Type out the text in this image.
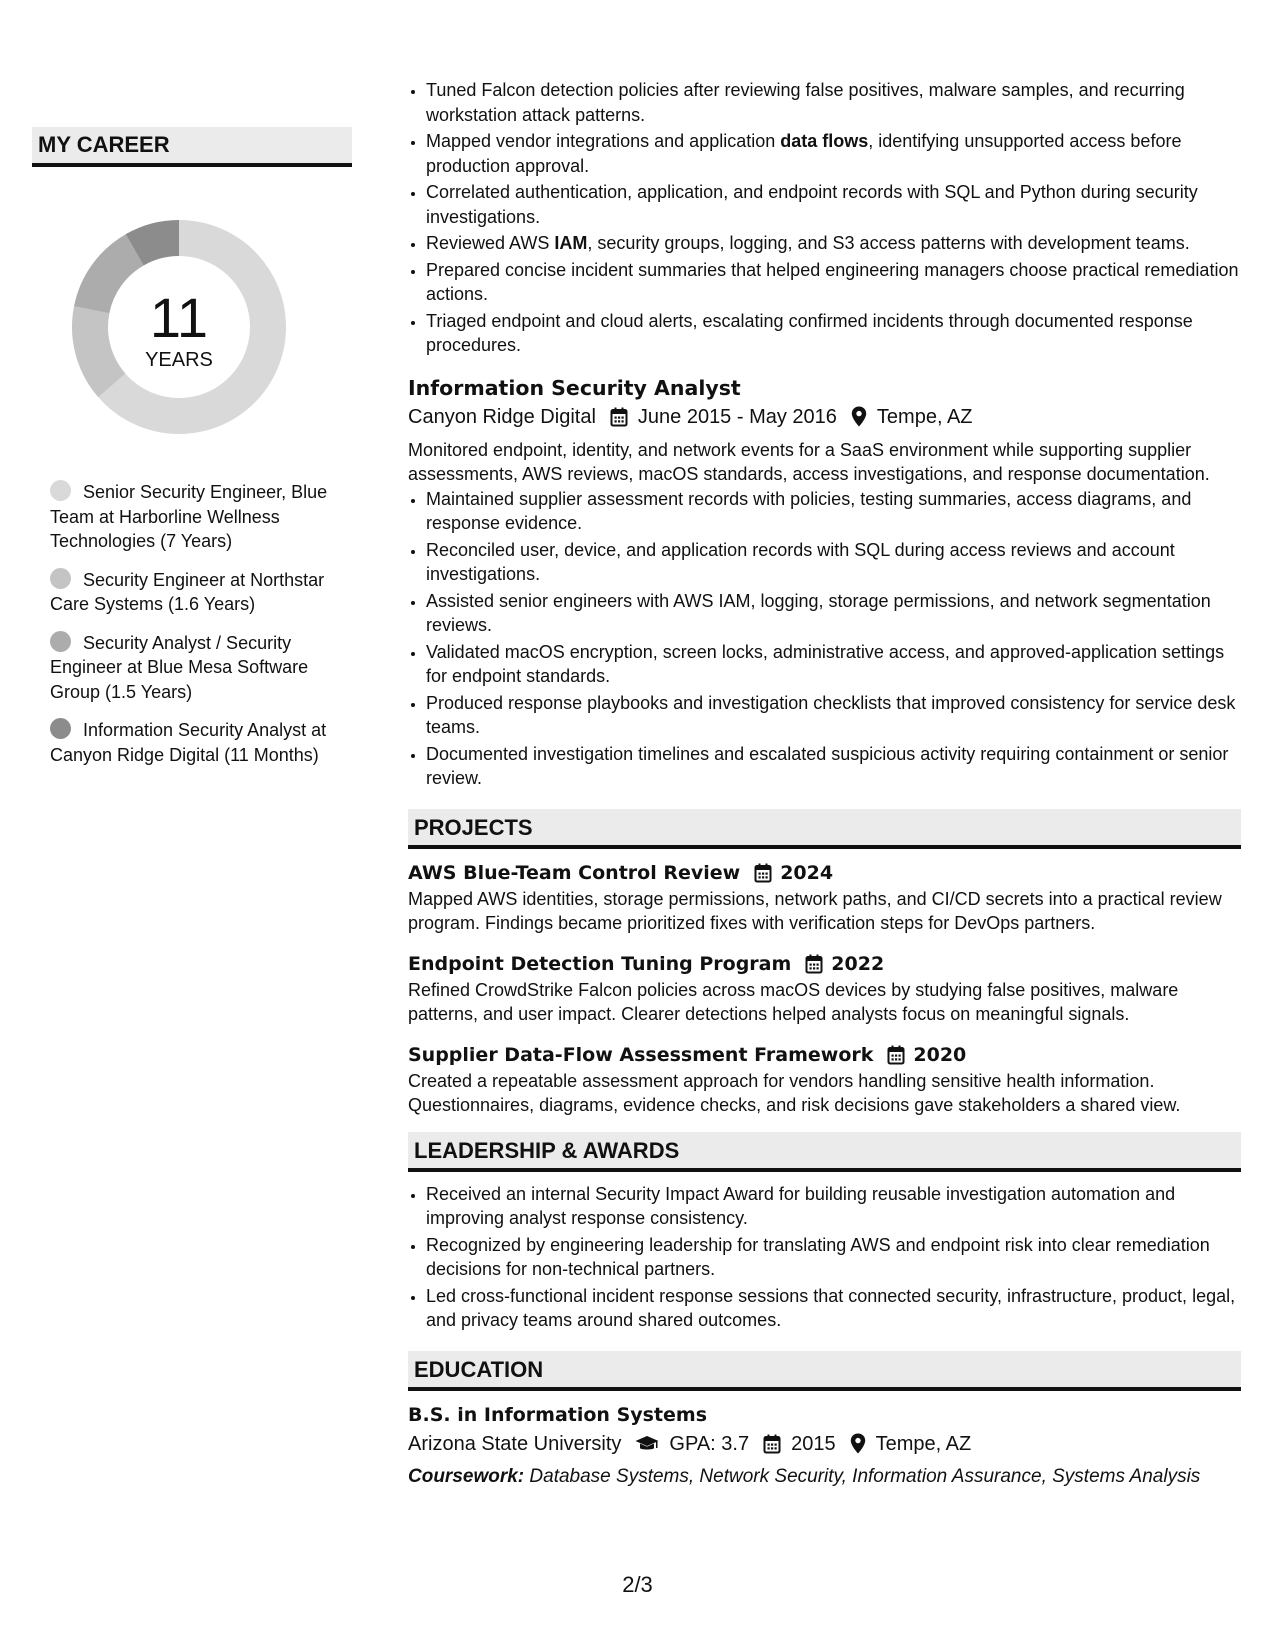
MY CAREER
11
YEARS
Senior Security Engineer, Blue Team at Harborline Wellness Technologies (7 Years)
Security Engineer at Northstar Care Systems (1.6 Years)
Security Analyst / Security Engineer at Blue Mesa Software Group (1.5 Years)
Information Security Analyst at Canyon Ridge Digital (11 Months)
• Tuned Falcon detection policies after reviewing false positives, malware samples, and recurring workstation attack patterns.
• Mapped vendor integrations and application data flows, identifying unsupported access before production approval.
• Correlated authentication, application, and endpoint records with SQL and Python during security investigations.
• Reviewed AWS IAM, security groups, logging, and S3 access patterns with development teams.
• Prepared concise incident summaries that helped engineering managers choose practical remediation actions.
• Triaged endpoint and cloud alerts, escalating confirmed incidents through documented response procedures.
Information Security Analyst
Canyon Ridge Digital June 2015 - May 2016 Tempe, AZ
Monitored endpoint, identity, and network events for a SaaS environment while supporting supplier assessments, AWS reviews, macOS standards, access investigations, and response documentation.
• Maintained supplier assessment records with policies, testing summaries, access diagrams, and response evidence.
• Reconciled user, device, and application records with SQL during access reviews and account investigations.
• Assisted senior engineers with AWS IAM, logging, storage permissions, and network segmentation reviews.
• Validated macOS encryption, screen locks, administrative access, and approved-application settings for endpoint standards.
• Produced response playbooks and investigation checklists that improved consistency for service desk teams.
• Documented investigation timelines and escalated suspicious activity requiring containment or senior review.
PROJECTS
AWS Blue-Team Control Review 2024
Mapped AWS identities, storage permissions, network paths, and CI/CD secrets into a practical review program. Findings became prioritized fixes with verification steps for DevOps partners.
Endpoint Detection Tuning Program 2022
Refined CrowdStrike Falcon policies across macOS devices by studying false positives, malware patterns, and user impact. Clearer detections helped analysts focus on meaningful signals.
Supplier Data-Flow Assessment Framework 2020
Created a repeatable assessment approach for vendors handling sensitive health information. Questionnaires, diagrams, evidence checks, and risk decisions gave stakeholders a shared view.
LEADERSHIP & AWARDS
• Received an internal Security Impact Award for building reusable investigation automation and improving analyst response consistency.
• Recognized by engineering leadership for translating AWS and endpoint risk into clear remediation decisions for non-technical partners.
• Led cross-functional incident response sessions that connected security, infrastructure, product, legal, and privacy teams around shared outcomes.
EDUCATION
B.S. in Information Systems
Arizona State University GPA: 3.7 2015 Tempe, AZ
Coursework: Database Systems, Network Security, Information Assurance, Systems Analysis
2/3
